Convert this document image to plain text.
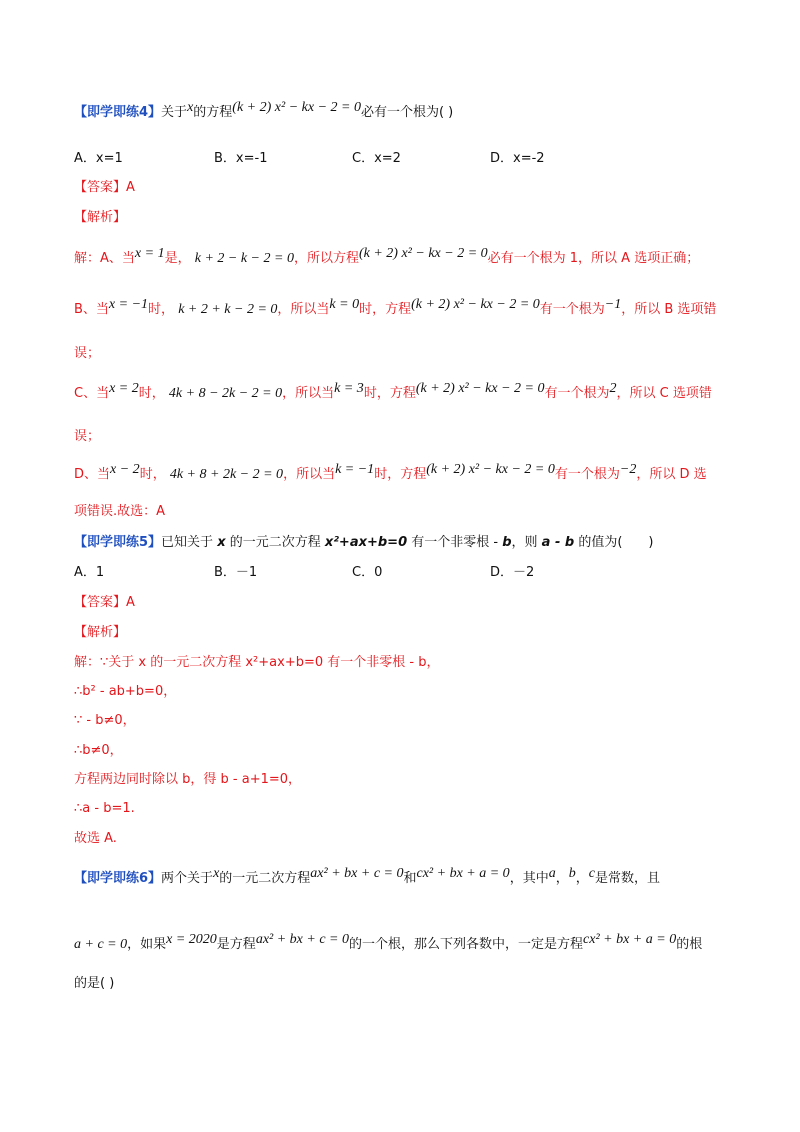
【即学即练4】关于x的方程(k + 2) x² − kx − 2 = 0必有一个根为( )
A．x=1	B．x=-1	C．x=2	D．x=-2
【答案】A
【解析】
解：A、当x = 1是， k + 2 − k − 2 = 0，所以方程(k + 2) x² − kx − 2 = 0必有一个根为 1，所以 A 选项正确；
B、当x = −1时， k + 2 + k − 2 = 0，所以当k = 0时，方程(k + 2) x² − kx − 2 = 0有一个根为−1，所以 B 选项错
误；
C、当x = 2时， 4k + 8 − 2k − 2 = 0，所以当k = 3时，方程(k + 2) x² − kx − 2 = 0有一个根为2，所以 C 选项错
误；
D、当x − 2时， 4k + 8 + 2k − 2 = 0，所以当k = −1时，方程(k + 2) x² − kx − 2 = 0有一个根为−2，所以 D 选
项错误.故选：A
【即学即练5】已知关于 x 的一元二次方程 x²+ax+b=0 有一个非零根 - b，则 a - b 的值为(　　)
A．1	B．－1	C．0	D．－2
【答案】A
【解析】
解：∵关于 x 的一元二次方程 x²+ax+b=0 有一个非零根 - b，
∴b² - ab+b=0，
∵ - b≠0，
∴b≠0，
方程两边同时除以 b，得 b - a+1=0，
∴a - b=1.
故选 A.
【即学即练6】两个关于x的一元二次方程ax² + bx + c = 0和cx² + bx + a = 0，其中a，b，c是常数，且
a + c = 0，如果x = 2020是方程ax² + bx + c = 0的一个根，那么下列各数中，一定是方程cx² + bx + a = 0的根
的是( )
